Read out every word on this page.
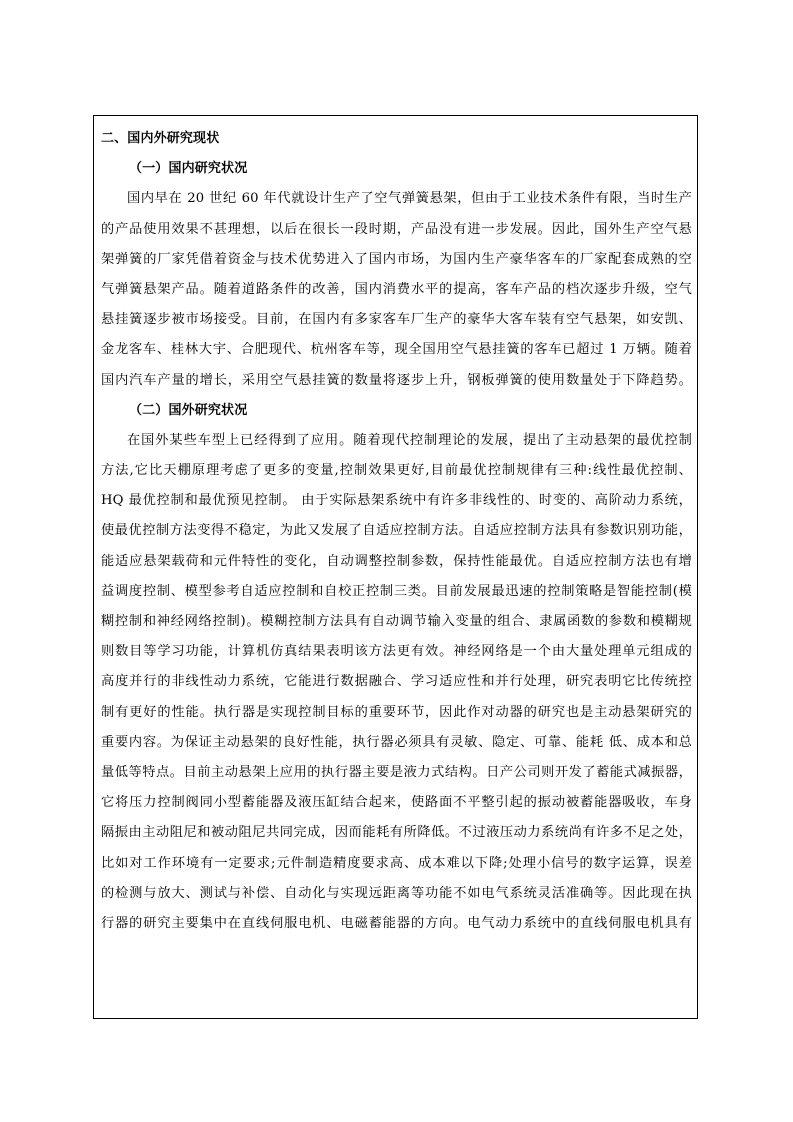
二、国内外研究现状
（一）国内研究状况
国内早在 20 世纪 60 年代就设计生产了空气弹簧悬架，但由于工业技术条件有限，当时生产
的产品使用效果不甚理想，以后在很长一段时期，产品没有进一步发展。因此，国外生产空气悬
架弹簧的厂家凭借着资金与技术优势进入了国内市场，为国内生产豪华客车的厂家配套成熟的空
气弹簧悬架产品。随着道路条件的改善，国内消费水平的提高，客车产品的档次逐步升级，空气
悬挂簧逐步被市场接受。目前，在国内有多家客车厂生产的豪华大客车装有空气悬架，如安凯、
金龙客车、桂林大宇、合肥现代、杭州客车等，现全国用空气悬挂簧的客车已超过 1 万辆。随着
国内汽车产量的增长，采用空气悬挂簧的数量将逐步上升，钢板弹簧的使用数量处于下降趋势。
（二）国外研究状况
在国外某些车型上已经得到了应用。随着现代控制理论的发展，提出了主动悬架的最优控制
方法,它比天棚原理考虑了更多的变量,控制效果更好,目前最优控制规律有三种:线性最优控制、
HQ 最优控制和最优预见控制。 由于实际悬架系统中有许多非线性的、时变的、高阶动力系统，
使最优控制方法变得不稳定，为此又发展了自适应控制方法。自适应控制方法具有参数识别功能，
能适应悬架载荷和元件特性的变化，自动调整控制参数，保持性能最优。自适应控制方法也有增
益调度控制、模型参考自适应控制和自校正控制三类。目前发展最迅速的控制策略是智能控制(模
糊控制和神经网络控制)。模糊控制方法具有自动调节输入变量的组合、隶属函数的参数和模糊规
则数目等学习功能，计算机仿真结果表明该方法更有效。神经网络是一个由大量处理单元组成的
高度并行的非线性动力系统，它能进行数据融合、学习适应性和并行处理，研究表明它比传统控
制有更好的性能。执行器是实现控制目标的重要环节，因此作对动器的研究也是主动悬架研究的
重要内容。为保证主动悬架的良好性能，执行器必须具有灵敏、隐定、可靠、能耗 低、成本和总
量低等特点。目前主动悬架上应用的执行器主要是液力式结构。日产公司则开发了蓄能式减振器，
它将压力控制阀同小型蓄能器及液压缸结合起来，使路面不平整引起的振动被蓄能器吸收，车身
隔振由主动阻尼和被动阻尼共同完成，因而能耗有所降低。不过液压动力系统尚有许多不足之处，
比如对工作环境有一定要求;元件制造精度要求高、成本难以下降;处理小信号的数字运算，误差
的检测与放大、测试与补偿、自动化与实现远距离等功能不如电气系统灵活准确等。因此现在执
行器的研究主要集中在直线伺服电机、电磁蓄能器的方向。电气动力系统中的直线伺服电机具有
